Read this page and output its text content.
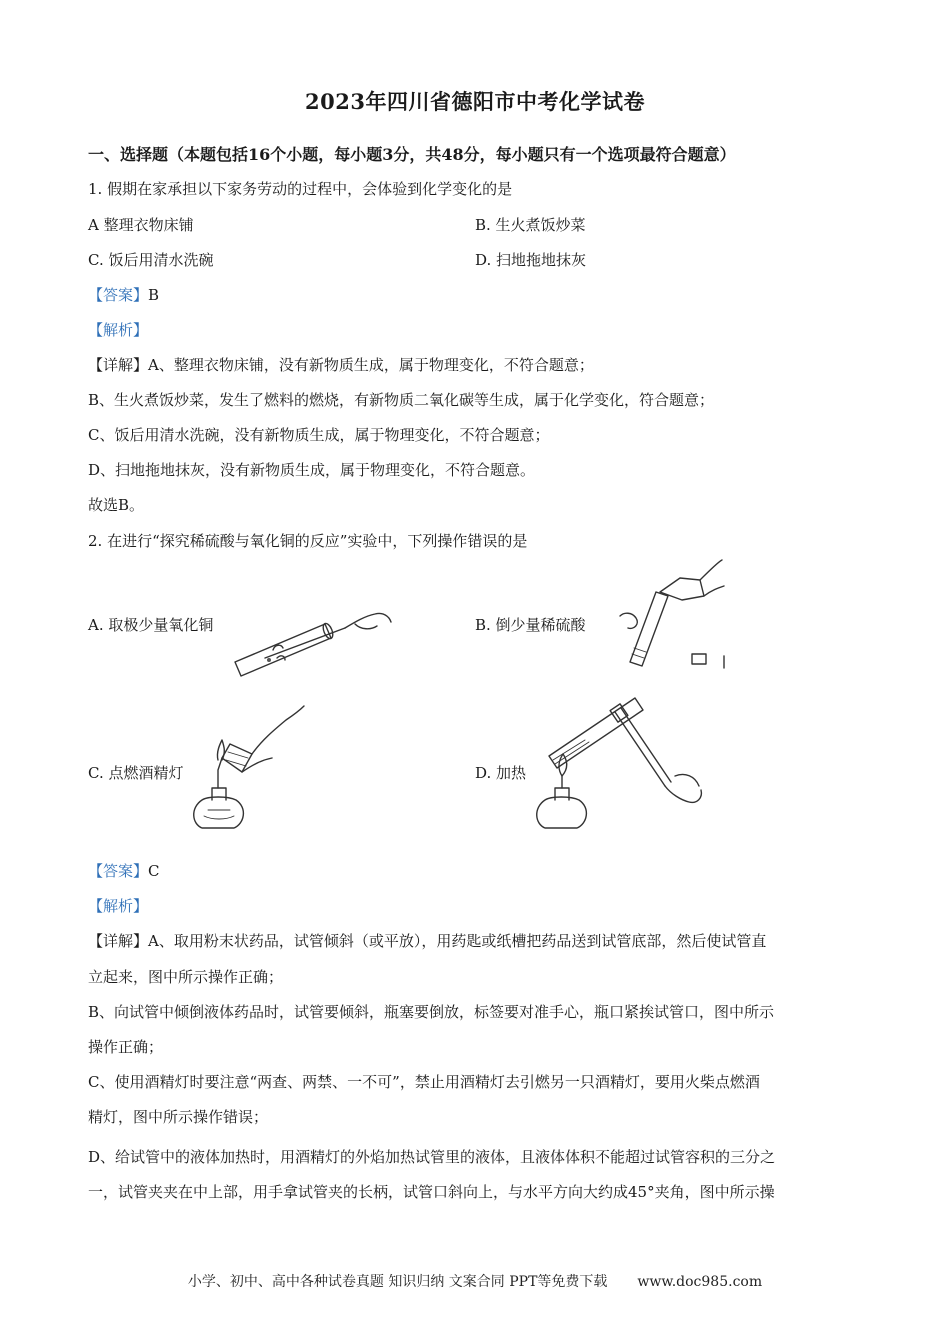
2023年四川省德阳市中考化学试卷
一、选择题（本题包括16个小题，每小题3分，共48分，每小题只有一个选项最符合题意）
1. 假期在家承担以下家务劳动的过程中，会体验到化学变化的是
A 整理衣物床铺	B. 生火煮饭炒菜
C. 饭后用清水洗碗	D. 扫地拖地抹灰
【答案】B
【解析】
【详解】A、整理衣物床铺，没有新物质生成，属于物理变化，不符合题意；
B、生火煮饭炒菜，发生了燃料的燃烧，有新物质二氧化碳等生成，属于化学变化，符合题意；
C、饭后用清水洗碗，没有新物质生成，属于物理变化，不符合题意；
D、扫地拖地抹灰，没有新物质生成，属于物理变化，不符合题意。
故选B。
2. 在进行“探究稀硫酸与氧化铜的反应”实验中，下列操作错误的是
A. 取极少量氧化铜	B. 倒少量稀硫酸
C. 点燃酒精灯	D. 加热
【答案】C
【解析】
【详解】A、取用粉末状药品，试管倾斜（或平放），用药匙或纸槽把药品送到试管底部，然后使试管直
立起来，图中所示操作正确；
B、向试管中倾倒液体药品时，试管要倾斜，瓶塞要倒放，标签要对准手心，瓶口紧挨试管口，图中所示
操作正确；
C、使用酒精灯时要注意“两查、两禁、一不可”，禁止用酒精灯去引燃另一只酒精灯，要用火柴点燃酒
精灯，图中所示操作错误；
D、给试管中的液体加热时，用酒精灯的外焰加热试管里的液体，且液体体积不能超过试管容积的三分之
一，试管夹夹在中上部，用手拿试管夹的长柄，试管口斜向上，与水平方向大约成45°夹角，图中所示操
小学、初中、高中各种试卷真题 知识归纳 文案合同 PPT等免费下载 www.doc985.com
